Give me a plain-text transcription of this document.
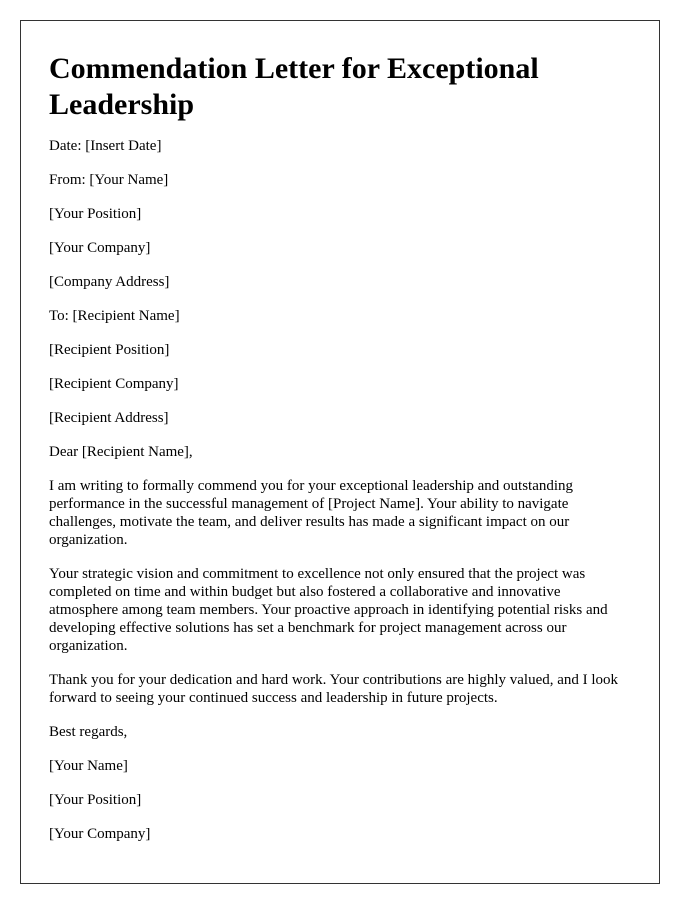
Commendation Letter for Exceptional Leadership
Date: [Insert Date]
From: [Your Name]
[Your Position]
[Your Company]
[Company Address]
To: [Recipient Name]
[Recipient Position]
[Recipient Company]
[Recipient Address]
Dear [Recipient Name],

I am writing to formally commend you for your exceptional leadership and outstanding performance in the successful management of [Project Name]. Your ability to navigate challenges, motivate the team, and deliver results has made a significant impact on our organization.

Your strategic vision and commitment to excellence not only ensured that the project was completed on time and within budget but also fostered a collaborative and innovative atmosphere among team members. Your proactive approach in identifying potential risks and developing effective solutions has set a benchmark for project management across our organization.

Thank you for your dedication and hard work. Your contributions are highly valued, and I look forward to seeing your continued success and leadership in future projects.

Best regards,
[Your Name]
[Your Position]
[Your Company]
